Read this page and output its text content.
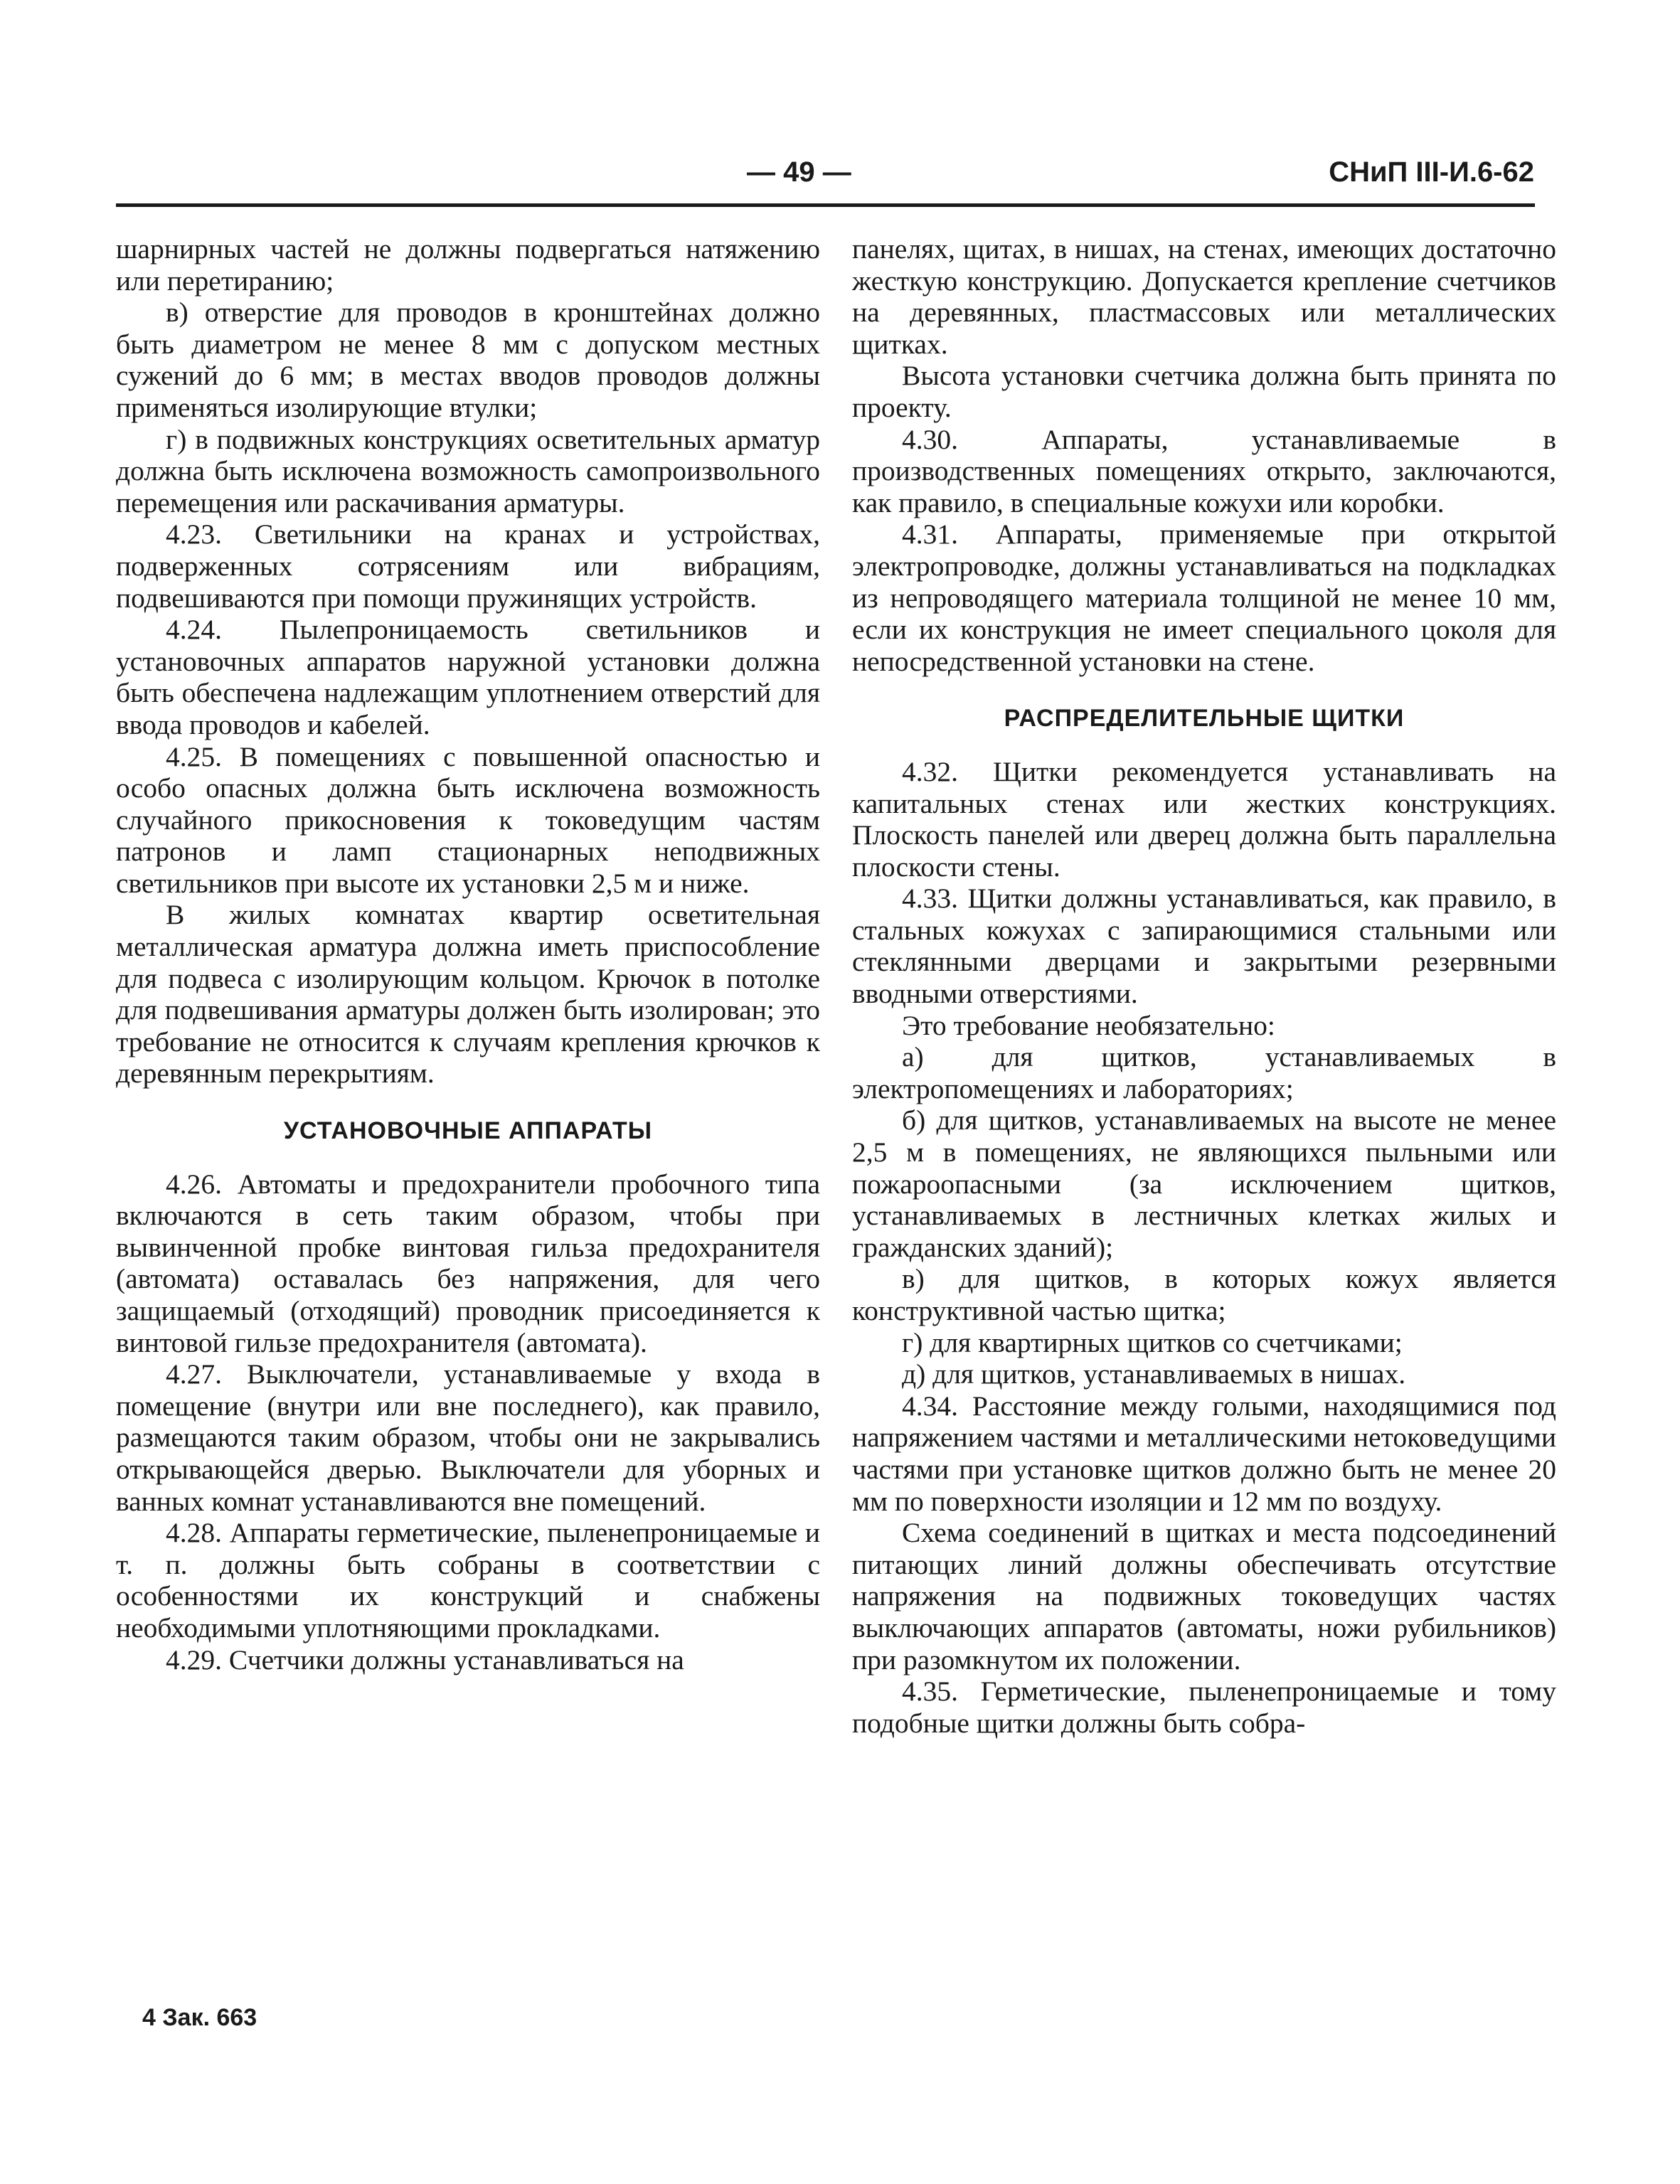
— 49 —	СНиП III-И.6-62

шарнирных частей не должны подвергаться натяжению или перетиранию;

в) отверстие для проводов в кронштейнах должно быть диаметром не менее 8 мм с допуском местных сужений до 6 мм; в местах вводов проводов должны применяться изолирующие втулки;

г) в подвижных конструкциях осветительных арматур должна быть исключена возможность самопроизвольного перемещения или раскачивания арматуры.

4.23. Светильники на кранах и устройствах, подверженных сотрясениям или вибрациям, подвешиваются при помощи пружинящих устройств.

4.24. Пылепроницаемость светильников и установочных аппаратов наружной установки должна быть обеспечена надлежащим уплотнением отверстий для ввода проводов и кабелей.

4.25. В помещениях с повышенной опасностью и особо опасных должна быть исключена возможность случайного прикосновения к токоведущим частям патронов и ламп стационарных неподвижных светильников при высоте их установки 2,5 м и ниже.

В жилых комнатах квартир осветительная металлическая арматура должна иметь приспособление для подвеса с изолирующим кольцом. Крючок в потолке для подвешивания арматуры должен быть изолирован; это требование не относится к случаям крепления крючков к деревянным перекрытиям.

УСТАНОВОЧНЫЕ АППАРАТЫ

4.26. Автоматы и предохранители пробочного типа включаются в сеть таким образом, чтобы при вывинченной пробке винтовая гильза предохранителя (автомата) оставалась без напряжения, для чего защищаемый (отходящий) проводник присоединяется к винтовой гильзе предохранителя (автомата).

4.27. Выключатели, устанавливаемые у входа в помещение (внутри или вне последнего), как правило, размещаются таким образом, чтобы они не закрывались открывающейся дверью. Выключатели для уборных и ванных комнат устанавливаются вне помещений.

4.28. Аппараты герметические, пыленепроницаемые и т. п. должны быть собраны в соответствии с особенностями их конструкций и снабжены необходимыми уплотняющими прокладками.

4.29. Счетчики должны устанавливаться на

панелях, щитах, в нишах, на стенах, имеющих достаточно жесткую конструкцию. Допускается крепление счетчиков на деревянных, пластмассовых или металлических щитках.

Высота установки счетчика должна быть принята по проекту.

4.30. Аппараты, устанавливаемые в производственных помещениях открыто, заключаются, как правило, в специальные кожухи или коробки.

4.31. Аппараты, применяемые при открытой электропроводке, должны устанавливаться на подкладках из непроводящего материала толщиной не менее 10 мм, если их конструкция не имеет специального цоколя для непосредственной установки на стене.

РАСПРЕДЕЛИТЕЛЬНЫЕ ЩИТКИ

4.32. Щитки рекомендуется устанавливать на капитальных стенах или жестких конструкциях. Плоскость панелей или дверец должна быть параллельна плоскости стены.

4.33. Щитки должны устанавливаться, как правило, в стальных кожухах с запирающимися стальными или стеклянными дверцами и закрытыми резервными вводными отверстиями.

Это требование необязательно:

а) для щитков, устанавливаемых в электропомещениях и лабораториях;

б) для щитков, устанавливаемых на высоте не менее 2,5 м в помещениях, не являющихся пыльными или пожароопасными (за исключением щитков, устанавливаемых в лестничных клетках жилых и гражданских зданий);

в) для щитков, в которых кожух является конструктивной частью щитка;

г) для квартирных щитков со счетчиками;

д) для щитков, устанавливаемых в нишах.

4.34. Расстояние между голыми, находящимися под напряжением частями и металлическими нетоковедущими частями при установке щитков должно быть не менее 20 мм по поверхности изоляции и 12 мм по воздуху.

Схема соединений в щитках и места подсоединений питающих линий должны обеспечивать отсутствие напряжения на подвижных токоведущих частях выключающих аппаратов (автоматы, ножи рубильников) при разомкнутом их положении.

4.35. Герметические, пыленепроницаемые и тому подобные щитки должны быть собра-

4 Зак. 663
